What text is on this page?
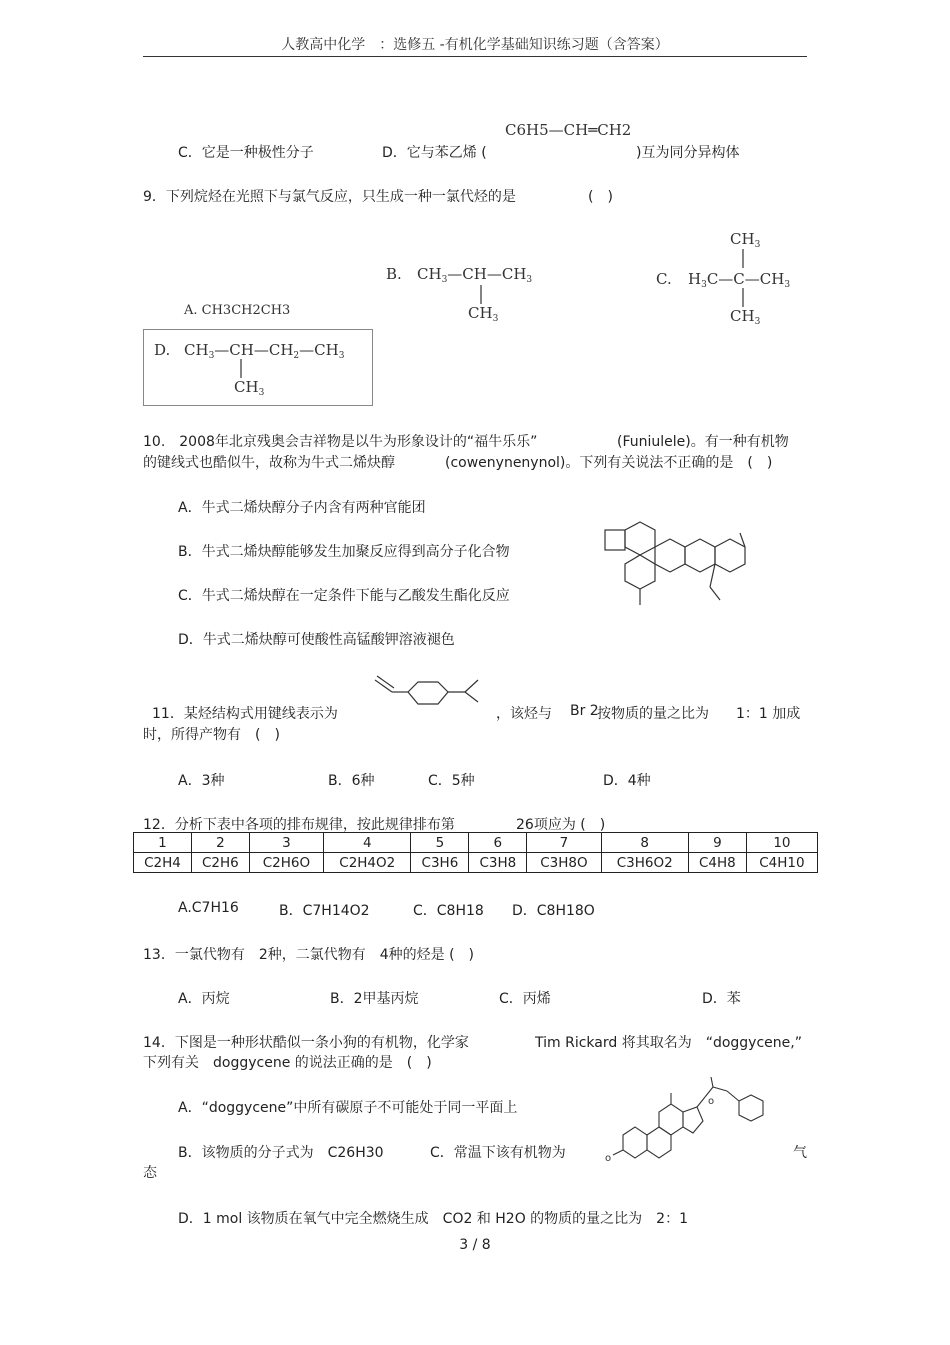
人教高中化学　：选修五 -有机化学基础知识练习题（含答案）
C6H5—CH═CH2
C．它是一种极性分子	D．它与苯乙烯 (	)互为同分异构体
9．下列烷烃在光照下与氯气反应，只生成一种一氯代烃的是	(　)
B. $CH_3—CH—CH_3$
$CH_3$
C.
$CH_3$
$H_3C—C—CH_3$
$CH_3$
A. CH3CH2CH3
D. $CH_3—CH—CH_2—CH_3$
$CH_3$
10.　2008年北京残奥会吉祥物是以牛为形象设计的“福牛乐乐”	(Funiulele)。有一种有机物
的键线式也酷似牛，故称为牛式二烯炔醇	(cowenynenynol)。下列有关说法不正确的是　(　)
A．牛式二烯炔醇分子内含有两种官能团
B．牛式二烯炔醇能够发生加聚反应得到高分子化合物
C．牛式二烯炔醇在一定条件下能与乙酸发生酯化反应
D．牛式二烯炔醇可使酸性高锰酸钾溶液褪色
11．某烃结构式用键线表示为	，该烃与 Br 2
按物质的量之比为 1：1 加成
时，所得产物有　(　)
A．3种	B．6种	C．5种	D．4种
12．分析下表中各项的排布规律，按此规律排布第	26项应为 (　)
1	2	3	4	5	6	7	8	9	10
C2H4	C2H6	C2H6O	C2H4O2	C3H6	C3H8	C3H8O	C3H6O2	C4H8	C4H10
A.C7H16	B．C7H14O2	C．C8H18 D．C8H18O
13．一氯代物有　2种，二氯代物有　4种的烃是 (　)
A．丙烷	B．2甲基丙烷	C．丙烯	D．苯
14．下图是一种形状酷似一条小狗的有机物，化学家	Tim Rickard 将其取名为　“doggycene,”
下列有关　doggycene 的说法正确的是　(　)
A．“doggycene”中所有碳原子不可能处于同一平面上
B．该物质的分子式为　C26H30	C．常温下该有机物为	气
态
D．1 mol 该物质在氧气中完全燃烧生成　CO2 和 H2O 的物质的量之比为　2：1
o
o
3 / 8
